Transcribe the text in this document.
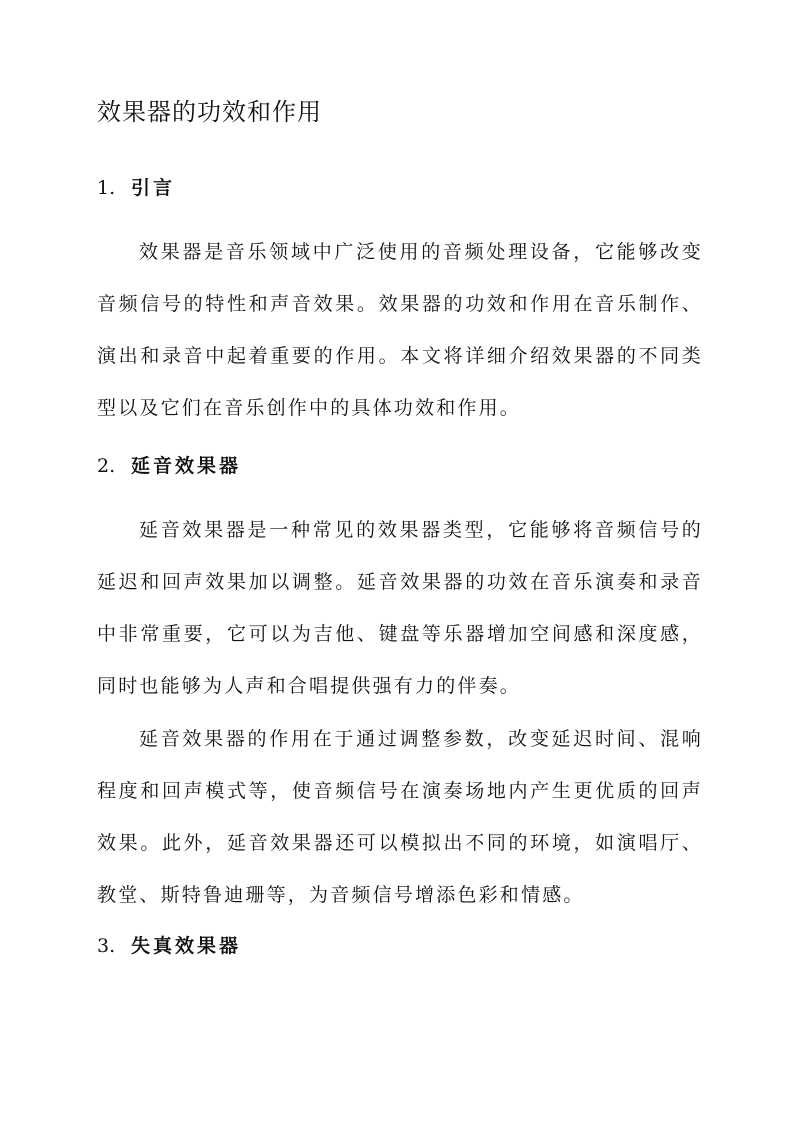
效果器的功效和作用
1. 引言

效果器是音乐领域中广泛使用的音频处理设备，它能够改变音频信号的特性和声音效果。效果器的功效和作用在音乐制作、演出和录音中起着重要的作用。本文将详细介绍效果器的不同类型以及它们在音乐创作中的具体功效和作用。

2. 延音效果器

延音效果器是一种常见的效果器类型，它能够将音频信号的延迟和回声效果加以调整。延音效果器的功效在音乐演奏和录音中非常重要，它可以为吉他、键盘等乐器增加空间感和深度感，同时也能够为人声和合唱提供强有力的伴奏。

延音效果器的作用在于通过调整参数，改变延迟时间、混响程度和回声模式等，使音频信号在演奏场地内产生更优质的回声效果。此外，延音效果器还可以模拟出不同的环境，如演唱厅、教堂、斯特鲁迪珊等，为音频信号增添色彩和情感。

3. 失真效果器
